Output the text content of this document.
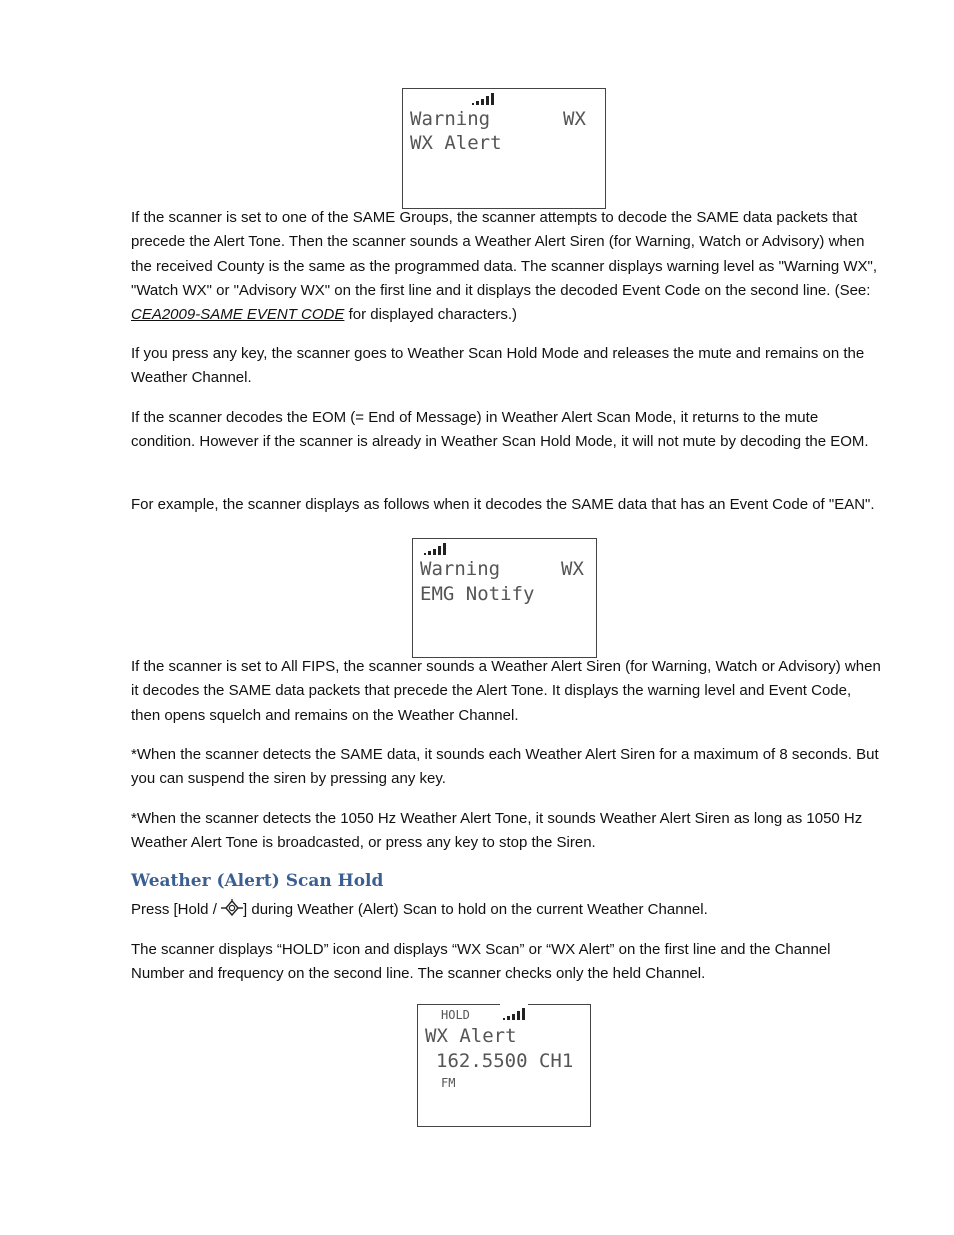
Warning	WX
WX Alert

If the scanner is set to one of the SAME Groups, the scanner attempts to decode the SAME data packets that precede the Alert Tone. Then the scanner sounds a Weather Alert Siren (for Warning, Watch or Advisory) when the received County is the same as the programmed data. The scanner displays warning level as "Warning WX", "Watch WX" or "Advisory WX" on the first line and it displays the decoded Event Code on the second line. (See: CEA2009-SAME EVENT CODE for displayed characters.)

If you press any key, the scanner goes to Weather Scan Hold Mode and releases the mute and remains on the Weather Channel.

If the scanner decodes the EOM (= End of Message) in Weather Alert Scan Mode, it returns to the mute condition. However if the scanner is already in Weather Scan Hold Mode, it will not mute by decoding the EOM.

For example, the scanner displays as follows when it decodes the SAME data that has an Event Code of "EAN".

Warning	WX
EMG Notify

If the scanner is set to All FIPS, the scanner sounds a Weather Alert Siren (for Warning, Watch or Advisory) when it decodes the SAME data packets that precede the Alert Tone. It displays the warning level and Event Code, then opens squelch and remains on the Weather Channel.

*When the scanner detects the SAME data, it sounds each Weather Alert Siren for a maximum of 8 seconds. But you can suspend the siren by pressing any key.

*When the scanner detects the 1050 Hz Weather Alert Tone, it sounds Weather Alert Siren as long as 1050 Hz Weather Alert Tone is broadcasted, or press any key to stop the Siren.

Weather (Alert) Scan Hold

Press [Hold / ] during Weather (Alert) Scan to hold on the current Weather Channel.

The scanner displays “HOLD” icon and displays “WX Scan” or “WX Alert” on the first line and the Channel Number and frequency on the second line. The scanner checks only the held Channel.

HOLD
WX Alert
162.5500 CH1
FM
